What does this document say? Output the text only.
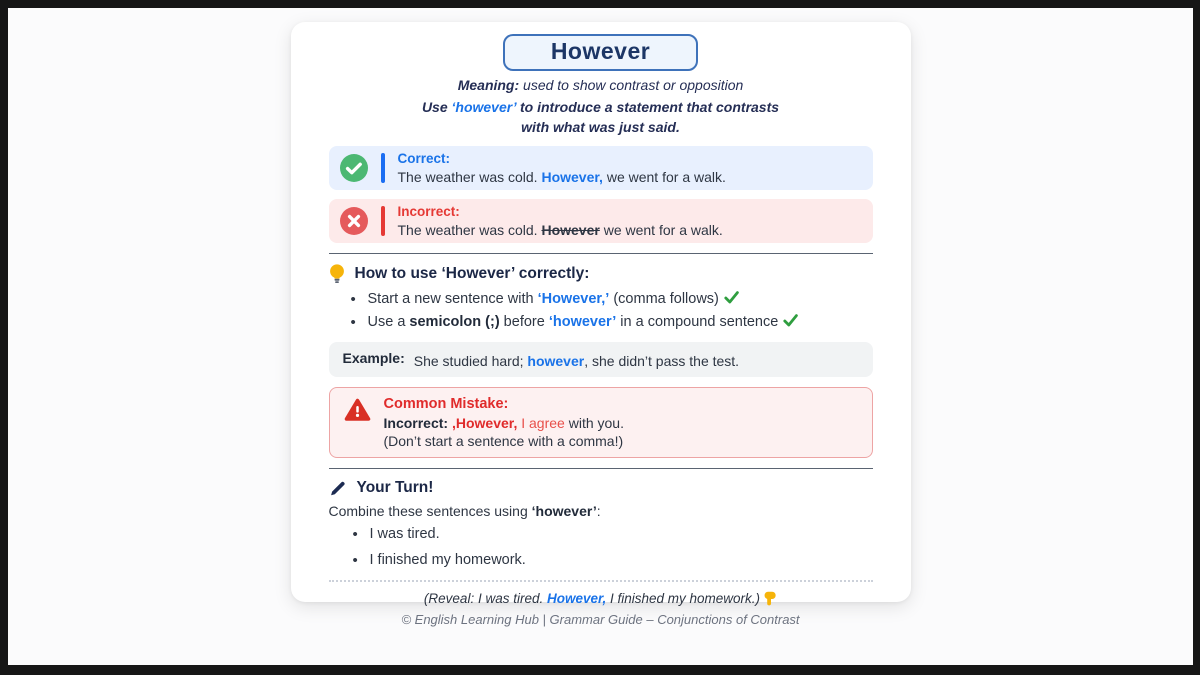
However
Meaning: used to show contrast or opposition
Use ‘however’ to introduce a statement that contrasts
with what was just said.
Correct:
The weather was cold. However, we went for a walk.
Incorrect:
The weather was cold. However we went for a walk.
How to use ‘However’ correctly:
• Start a new sentence with ‘However,’ (comma follows)
• Use a semicolon (;) before ‘however’ in a compound sentence
Example: She studied hard; however, she didn’t pass the test.
Common Mistake:
Incorrect: ,However, I agree with you.
(Don’t start a sentence with a comma!)
Your Turn!
Combine these sentences using ‘however’:
• I was tired.
• I finished my homework.
(Reveal: I was tired. However, I finished my homework.)
© English Learning Hub | Grammar Guide – Conjunctions of Contrast
